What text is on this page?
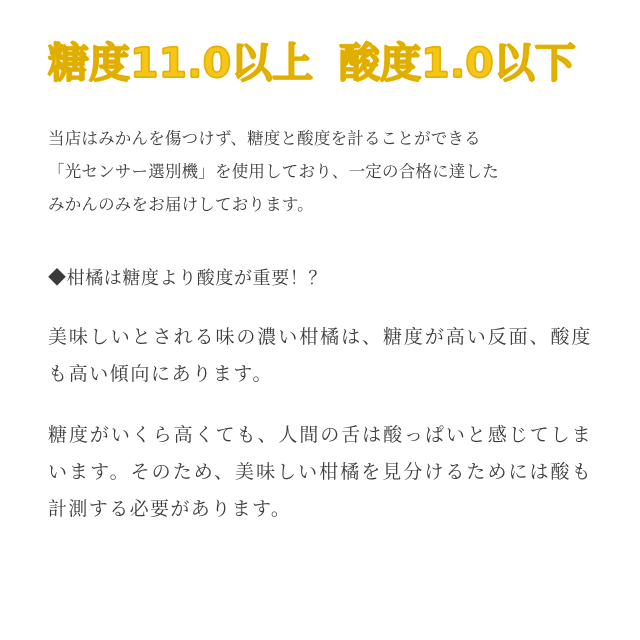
糖度11.0以上 酸度1.0以下

当店はみかんを傷つけず、糖度と酸度を計ることができる

「光センサー選別機」を使用しており、一定の合格に達した

みかんのみをお届けしております。

◆柑橘は糖度より酸度が重要！？
美味しいとされる味の濃い柑橘は、糖度が高い反面、酸度も高い傾向にあります。
糖度がいくら高くても、人間の舌は酸っぱいと感じてしまいます。そのため、美味しい柑橘を見分けるためには酸も計測する必要があります。
